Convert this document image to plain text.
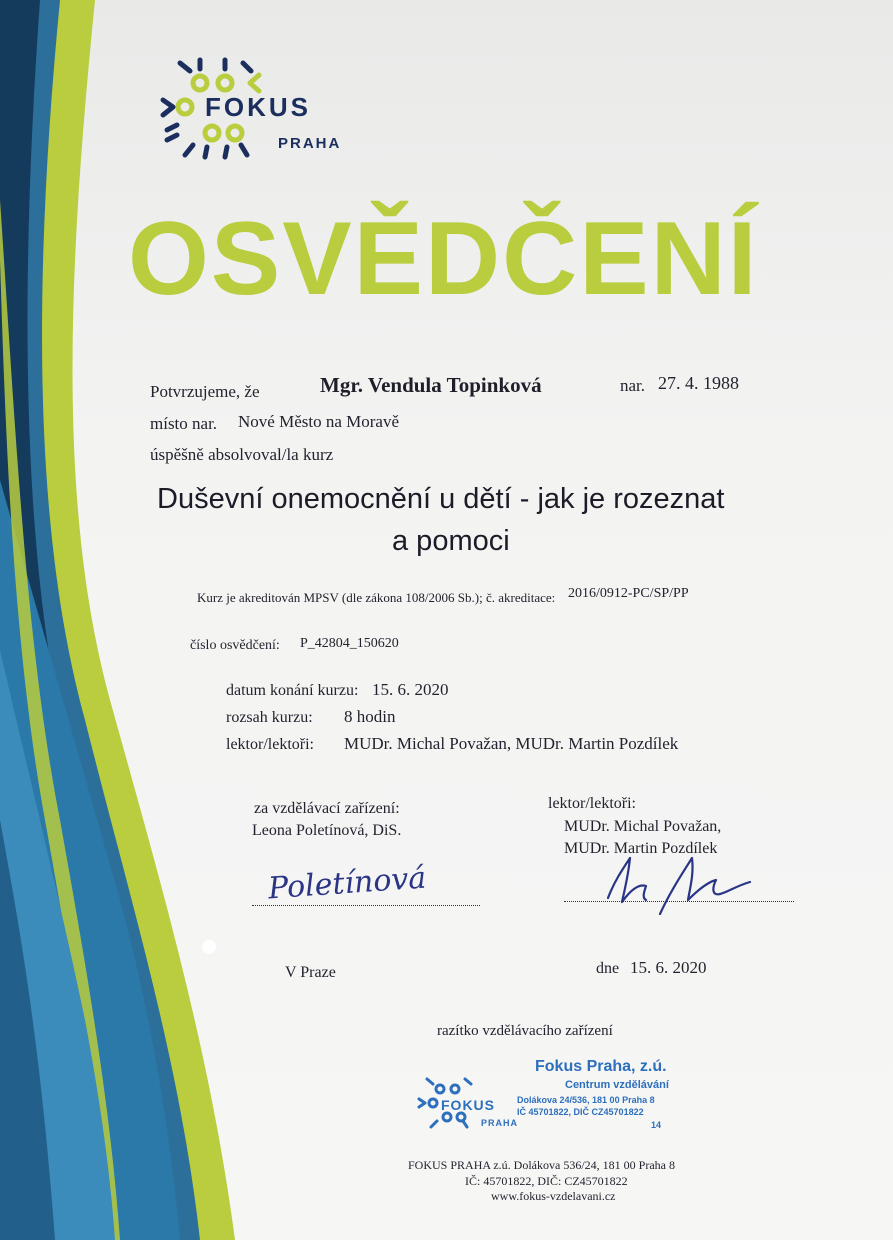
FOKUS
PRAHA
OSVĚDČENÍ
Potvrzujeme, že	Mgr. Vendula Topinková	nar. 27. 4. 1988
místo nar. Nové Město na Moravě
úspěšně absolvoval/la kurz
Duševní onemocnění u dětí - jak je rozeznat
a pomoci
Kurz je akreditován MPSV (dle zákona 108/2006 Sb.); č. akreditace: 2016/0912-PC/SP/PP
číslo osvědčení: P_42804_150620
datum konání kurzu: 15. 6. 2020
rozsah kurzu: 8 hodin
lektor/lektoři: MUDr. Michal Považan, MUDr. Martin Pozdílek
za vzdělávací zařízení:
Leona Poletínová, DiS.
Poletínová
lektor/lektoři:
MUDr. Michal Považan,
MUDr. Martin Pozdílek
V Praze	dne 15. 6. 2020
razítko vzdělávacího zařízení
FOKUS
PRAHA
Fokus Praha, z.ú.
Centrum vzdělávání
Dolákova 24/536, 181 00 Praha 8
IČ 45701822, DIČ CZ45701822
14
FOKUS PRAHA z.ú. Dolákova 536/24, 181 00 Praha 8
IČ: 45701822, DIČ: CZ45701822
www.fokus-vzdelavani.cz
